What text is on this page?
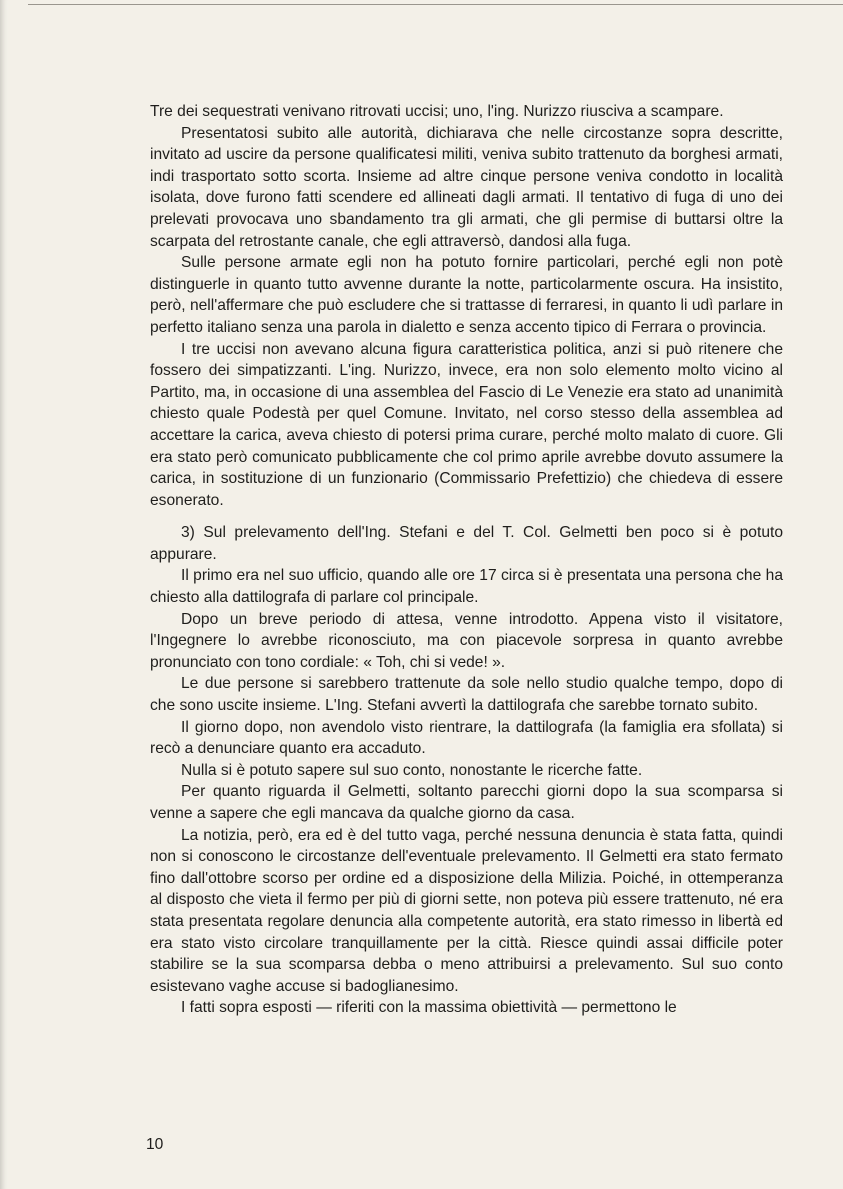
Tre dei sequestrati venivano ritrovati uccisi; uno, l'ing. Nurizzo riusciva a scampare.

Presentatosi subito alle autorità, dichiarava che nelle circostanze sopra descritte, invitato ad uscire da persone qualificatesi militi, veniva subito trattenuto da borghesi armati, indi trasportato sotto scorta. Insieme ad altre cinque persone veniva condotto in località isolata, dove furono fatti scendere ed allineati dagli armati. Il tentativo di fuga di uno dei prelevati provocava uno sbandamento tra gli armati, che gli permise di buttarsi oltre la scarpata del retrostante canale, che egli attraversò, dandosi alla fuga.

Sulle persone armate egli non ha potuto fornire particolari, perché egli non potè distinguerle in quanto tutto avvenne durante la notte, particolarmente oscura. Ha insistito, però, nell'affermare che può escludere che si trattasse di ferraresi, in quanto li udì parlare in perfetto italiano senza una parola in dialetto e senza accento tipico di Ferrara o provincia.

I tre uccisi non avevano alcuna figura caratteristica politica, anzi si può ritenere che fossero dei simpatizzanti. L'ing. Nurizzo, invece, era non solo elemento molto vicino al Partito, ma, in occasione di una assemblea del Fascio di Le Venezie era stato ad unanimità chiesto quale Podestà per quel Comune. Invitato, nel corso stesso della assemblea ad accettare la carica, aveva chiesto di potersi prima curare, perché molto malato di cuore. Gli era stato però comunicato pubblicamente che col primo aprile avrebbe dovuto assumere la carica, in sostituzione di un funzionario (Commissario Prefettizio) che chiedeva di essere esonerato.

3) Sul prelevamento dell'Ing. Stefani e del T. Col. Gelmetti ben poco si è potuto appurare.

Il primo era nel suo ufficio, quando alle ore 17 circa si è presentata una persona che ha chiesto alla dattilografa di parlare col principale.

Dopo un breve periodo di attesa, venne introdotto. Appena visto il visitatore, l'Ingegnere lo avrebbe riconosciuto, ma con piacevole sorpresa in quanto avrebbe pronunciato con tono cordiale: « Toh, chi si vede! ».

Le due persone si sarebbero trattenute da sole nello studio qualche tempo, dopo di che sono uscite insieme. L'Ing. Stefani avvertì la dattilografa che sarebbe tornato subito.

Il giorno dopo, non avendolo visto rientrare, la dattilografa (la famiglia era sfollata) si recò a denunciare quanto era accaduto.

Nulla si è potuto sapere sul suo conto, nonostante le ricerche fatte.

Per quanto riguarda il Gelmetti, soltanto parecchi giorni dopo la sua scomparsa si venne a sapere che egli mancava da qualche giorno da casa.

La notizia, però, era ed è del tutto vaga, perché nessuna denuncia è stata fatta, quindi non si conoscono le circostanze dell'eventuale prelevamento. Il Gelmetti era stato fermato fino dall'ottobre scorso per ordine ed a disposizione della Milizia. Poiché, in ottemperanza al disposto che vieta il fermo per più di giorni sette, non poteva più essere trattenuto, né era stata presentata regolare denuncia alla competente autorità, era stato rimesso in libertà ed era stato visto circolare tranquillamente per la città. Riesce quindi assai difficile poter stabilire se la sua scomparsa debba o meno attribuirsi a prelevamento. Sul suo conto esistevano vaghe accuse si badoglianesimo.

I fatti sopra esposti — riferiti con la massima obiettività — permettono le

10
